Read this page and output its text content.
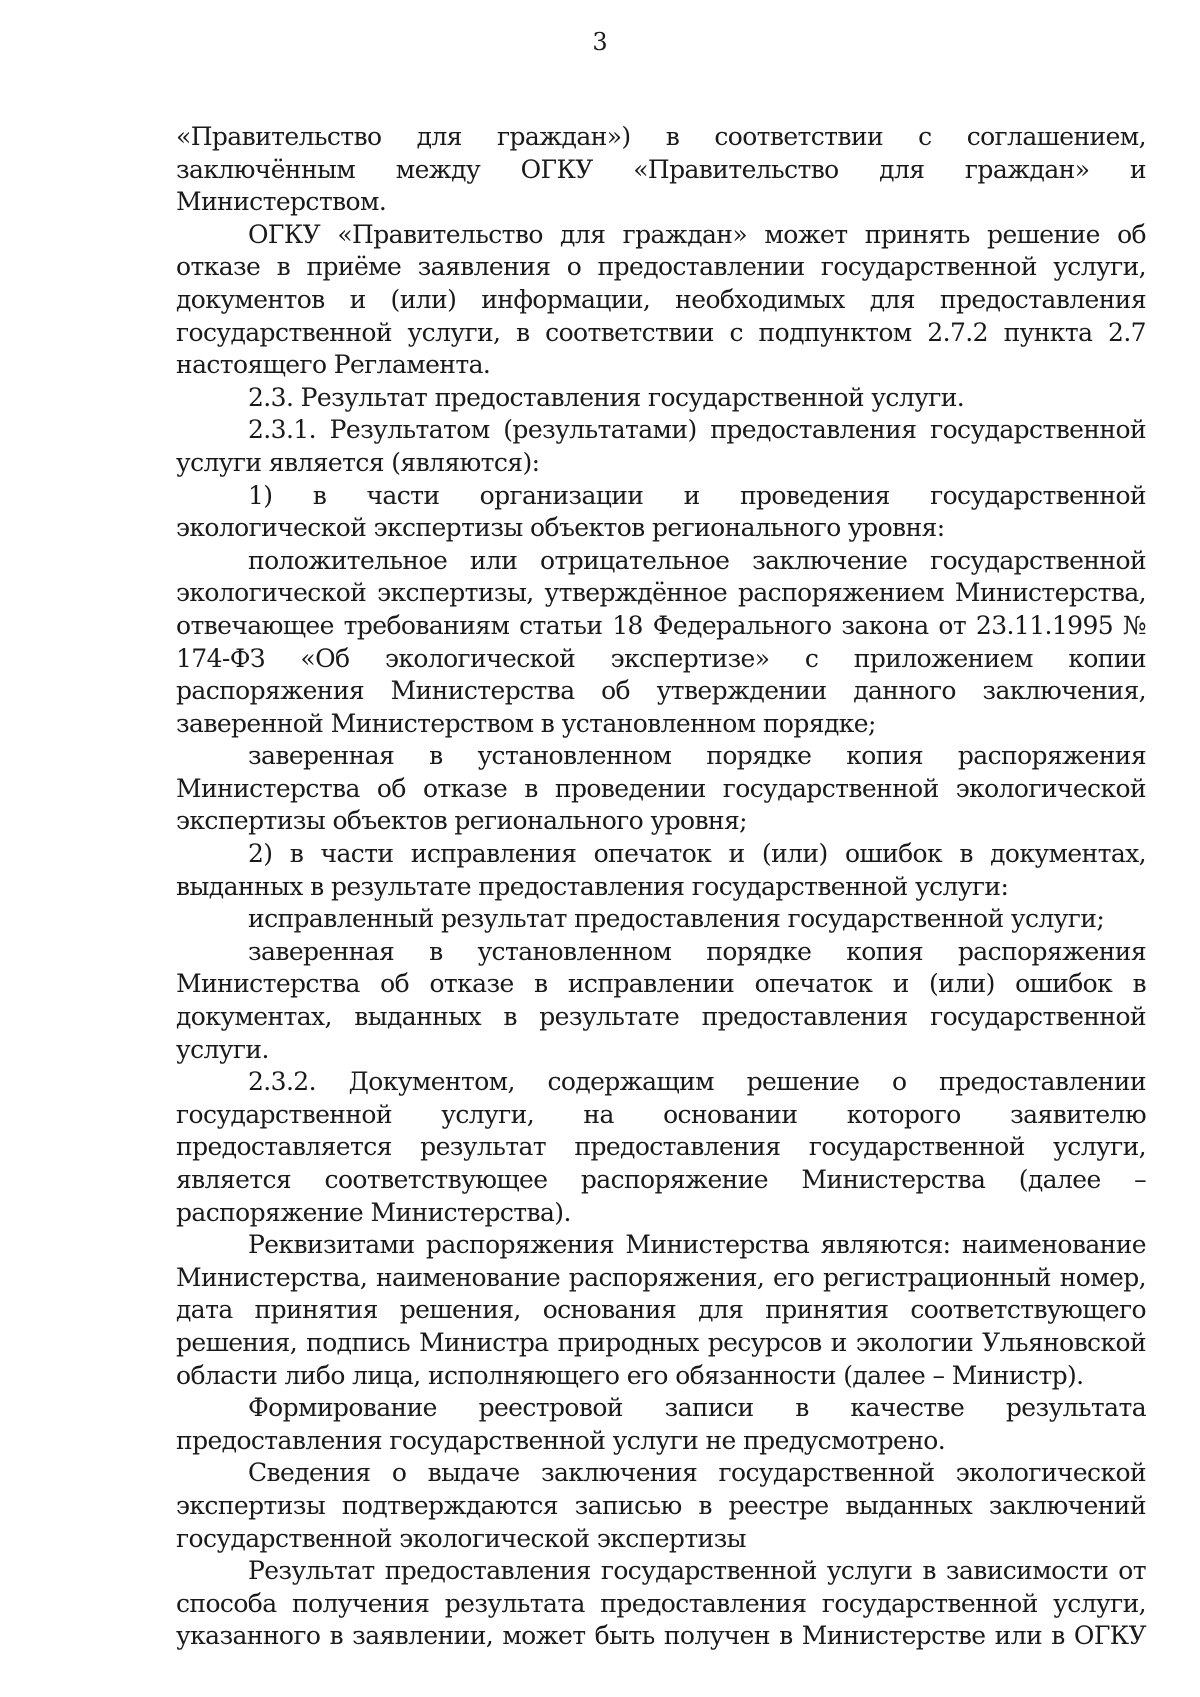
3

«Правительство для граждан») в соответствии с соглашением, заключённым между ОГКУ «Правительство для граждан» и Министерством.

ОГКУ «Правительство для граждан» может принять решение об отказе в приёме заявления о предоставлении государственной услуги, документов и (или) информации, необходимых для предоставления государственной услуги, в соответствии с подпунктом 2.7.2 пункта 2.7 настоящего Регламента.

2.3. Результат предоставления государственной услуги.

2.3.1. Результатом (результатами) предоставления государственной услуги является (являются):

1) в части организации и проведения государственной экологической экспертизы объектов регионального уровня:

положительное или отрицательное заключение государственной экологической экспертизы, утверждённое распоряжением Министерства, отвечающее требованиям статьи 18 Федерального закона от 23.11.1995 № 174-ФЗ «Об экологической экспертизе» с приложением копии распоряжения Министерства об утверждении данного заключения, заверенной Министерством в установленном порядке;

заверенная в установленном порядке копия распоряжения Министерства об отказе в проведении государственной экологической экспертизы объектов регионального уровня;

2) в части исправления опечаток и (или) ошибок в документах, выданных в результате предоставления государственной услуги:

исправленный результат предоставления государственной услуги;

заверенная в установленном порядке копия распоряжения Министерства об отказе в исправлении опечаток и (или) ошибок в документах, выданных в результате предоставления государственной услуги.

2.3.2. Документом, содержащим решение о предоставлении государственной услуги, на основании которого заявителю предоставляется результат предоставления государственной услуги, является соответствующее распоряжение Министерства (далее – распоряжение Министерства).

Реквизитами распоряжения Министерства являются: наименование Министерства, наименование распоряжения, его регистрационный номер, дата принятия решения, основания для принятия соответствующего решения, подпись Министра природных ресурсов и экологии Ульяновской области либо лица, исполняющего его обязанности (далее – Министр).

Формирование реестровой записи в качестве результата предоставления государственной услуги не предусмотрено.

Сведения о выдаче заключения государственной экологической экспертизы подтверждаются записью в реестре выданных заключений государственной экологической экспертизы

Результат предоставления государственной услуги в зависимости от способа получения результата предоставления государственной услуги, указанного в заявлении, может быть получен в Министерстве или в ОГКУ
